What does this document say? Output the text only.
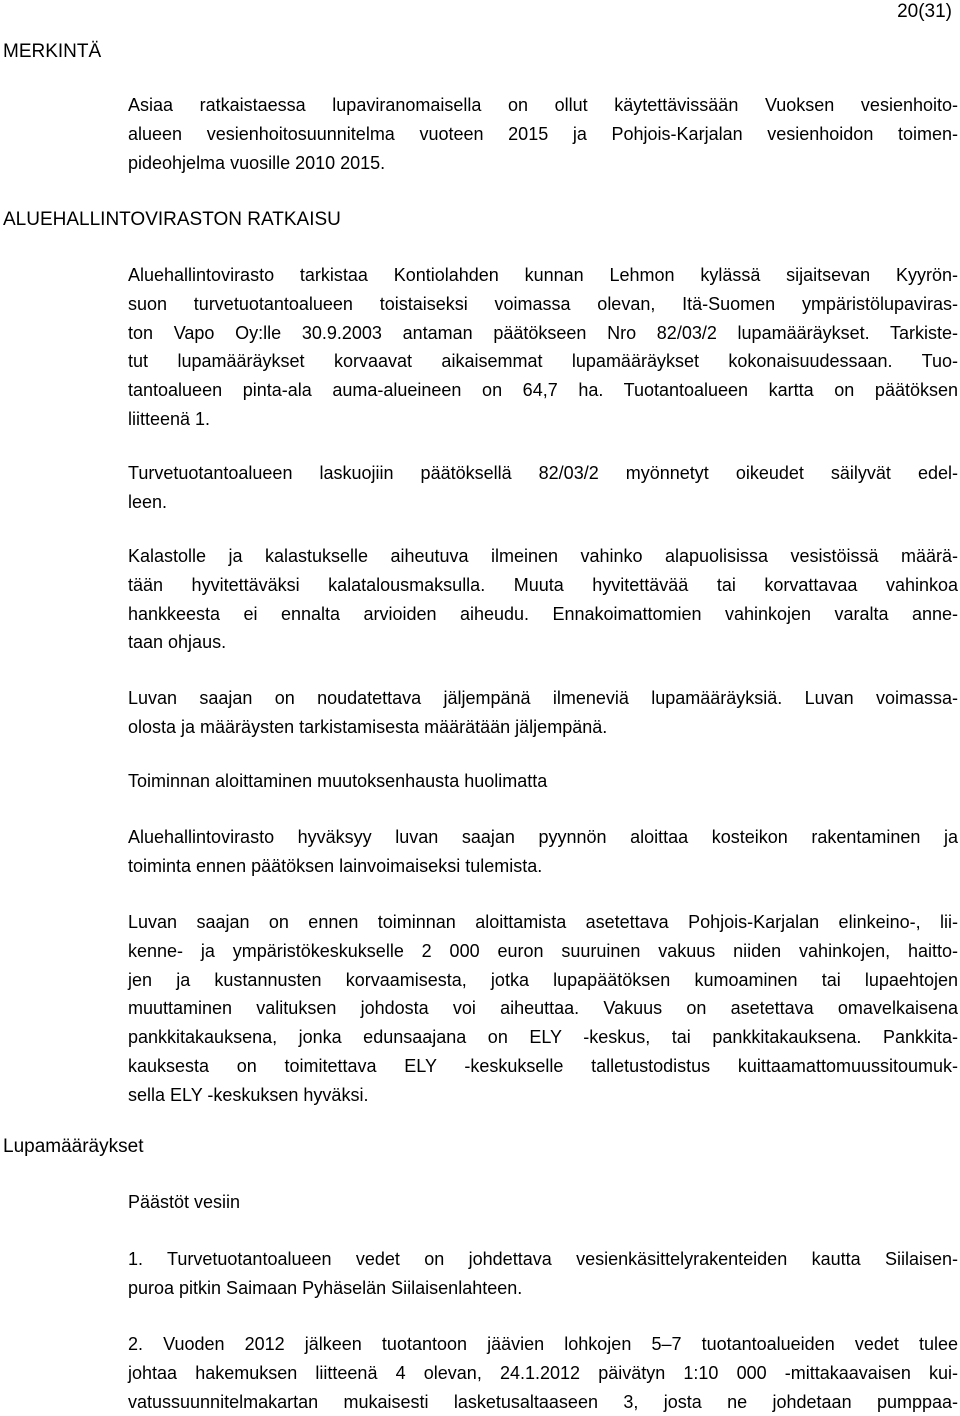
20(31)
MERKINTÄ
Asiaa ratkaistaessa lupaviranomaisella on ollut käytettävissään Vuoksen vesienhoito-
alueen vesienhoitosuunnitelma vuoteen 2015 ja Pohjois-Karjalan vesienhoidon toimen-
pideohjelma vuosille 2010 2015.
ALUEHALLINTOVIRASTON RATKAISU
Aluehallintovirasto tarkistaa Kontiolahden kunnan Lehmon kylässä sijaitsevan Kyyrön-
suon turvetuotantoalueen toistaiseksi voimassa olevan, Itä-Suomen ympäristölupaviras-
ton Vapo Oy:lle 30.9.2003 antaman päätökseen Nro 82/03/2 lupamääräykset. Tarkiste-
tut lupamääräykset korvaavat aikaisemmat lupamääräykset kokonaisuudessaan. Tuo-
tantoalueen pinta-ala auma-alueineen on 64,7 ha. Tuotantoalueen kartta on päätöksen
liitteenä 1.
Turvetuotantoalueen laskuojiin päätöksellä 82/03/2 myönnetyt oikeudet säilyvät edel-
leen.
Kalastolle ja kalastukselle aiheutuva ilmeinen vahinko alapuolisissa vesistöissä määrä-
tään hyvitettäväksi kalatalousmaksulla. Muuta hyvitettävää tai korvattavaa vahinkoa
hankkeesta ei ennalta arvioiden aiheudu. Ennakoimattomien vahinkojen varalta anne-
taan ohjaus.
Luvan saajan on noudatettava jäljempänä ilmeneviä lupamääräyksiä. Luvan voimassa-
olosta ja määräysten tarkistamisesta määrätään jäljempänä.
Toiminnan aloittaminen muutoksenhausta huolimatta
Aluehallintovirasto hyväksyy luvan saajan pyynnön aloittaa kosteikon rakentaminen ja
toiminta ennen päätöksen lainvoimaiseksi tulemista.
Luvan saajan on ennen toiminnan aloittamista asetettava Pohjois-Karjalan elinkeino-, lii-
kenne- ja ympäristökeskukselle 2 000 euron suuruinen vakuus niiden vahinkojen, haitto-
jen ja kustannusten korvaamisesta, jotka lupapäätöksen kumoaminen tai lupaehtojen
muuttaminen valituksen johdosta voi aiheuttaa. Vakuus on asetettava omavelkaisena
pankkitakauksena, jonka edunsaajana on ELY -keskus, tai pankkitakauksena. Pankkita-
kauksesta on toimitettava ELY -keskukselle talletustodistus kuittaamattomuussitoumuk-
sella ELY -keskuksen hyväksi.
Lupamääräykset
Päästöt vesiin
1. Turvetuotantoalueen vedet on johdettava vesienkäsittelyrakenteiden kautta Siilaisen-
puroa pitkin Saimaan Pyhäselän Siilaisenlahteen.
2. Vuoden 2012 jälkeen tuotantoon jäävien lohkojen 5–7 tuotantoalueiden vedet tulee
johtaa hakemuksen liitteenä 4 olevan, 24.1.2012 päivätyn 1:10 000 -mittakaavaisen kui-
vatussuunnitelmakartan mukaisesti lasketusaltaaseen 3, josta ne johdetaan pumppaa-
